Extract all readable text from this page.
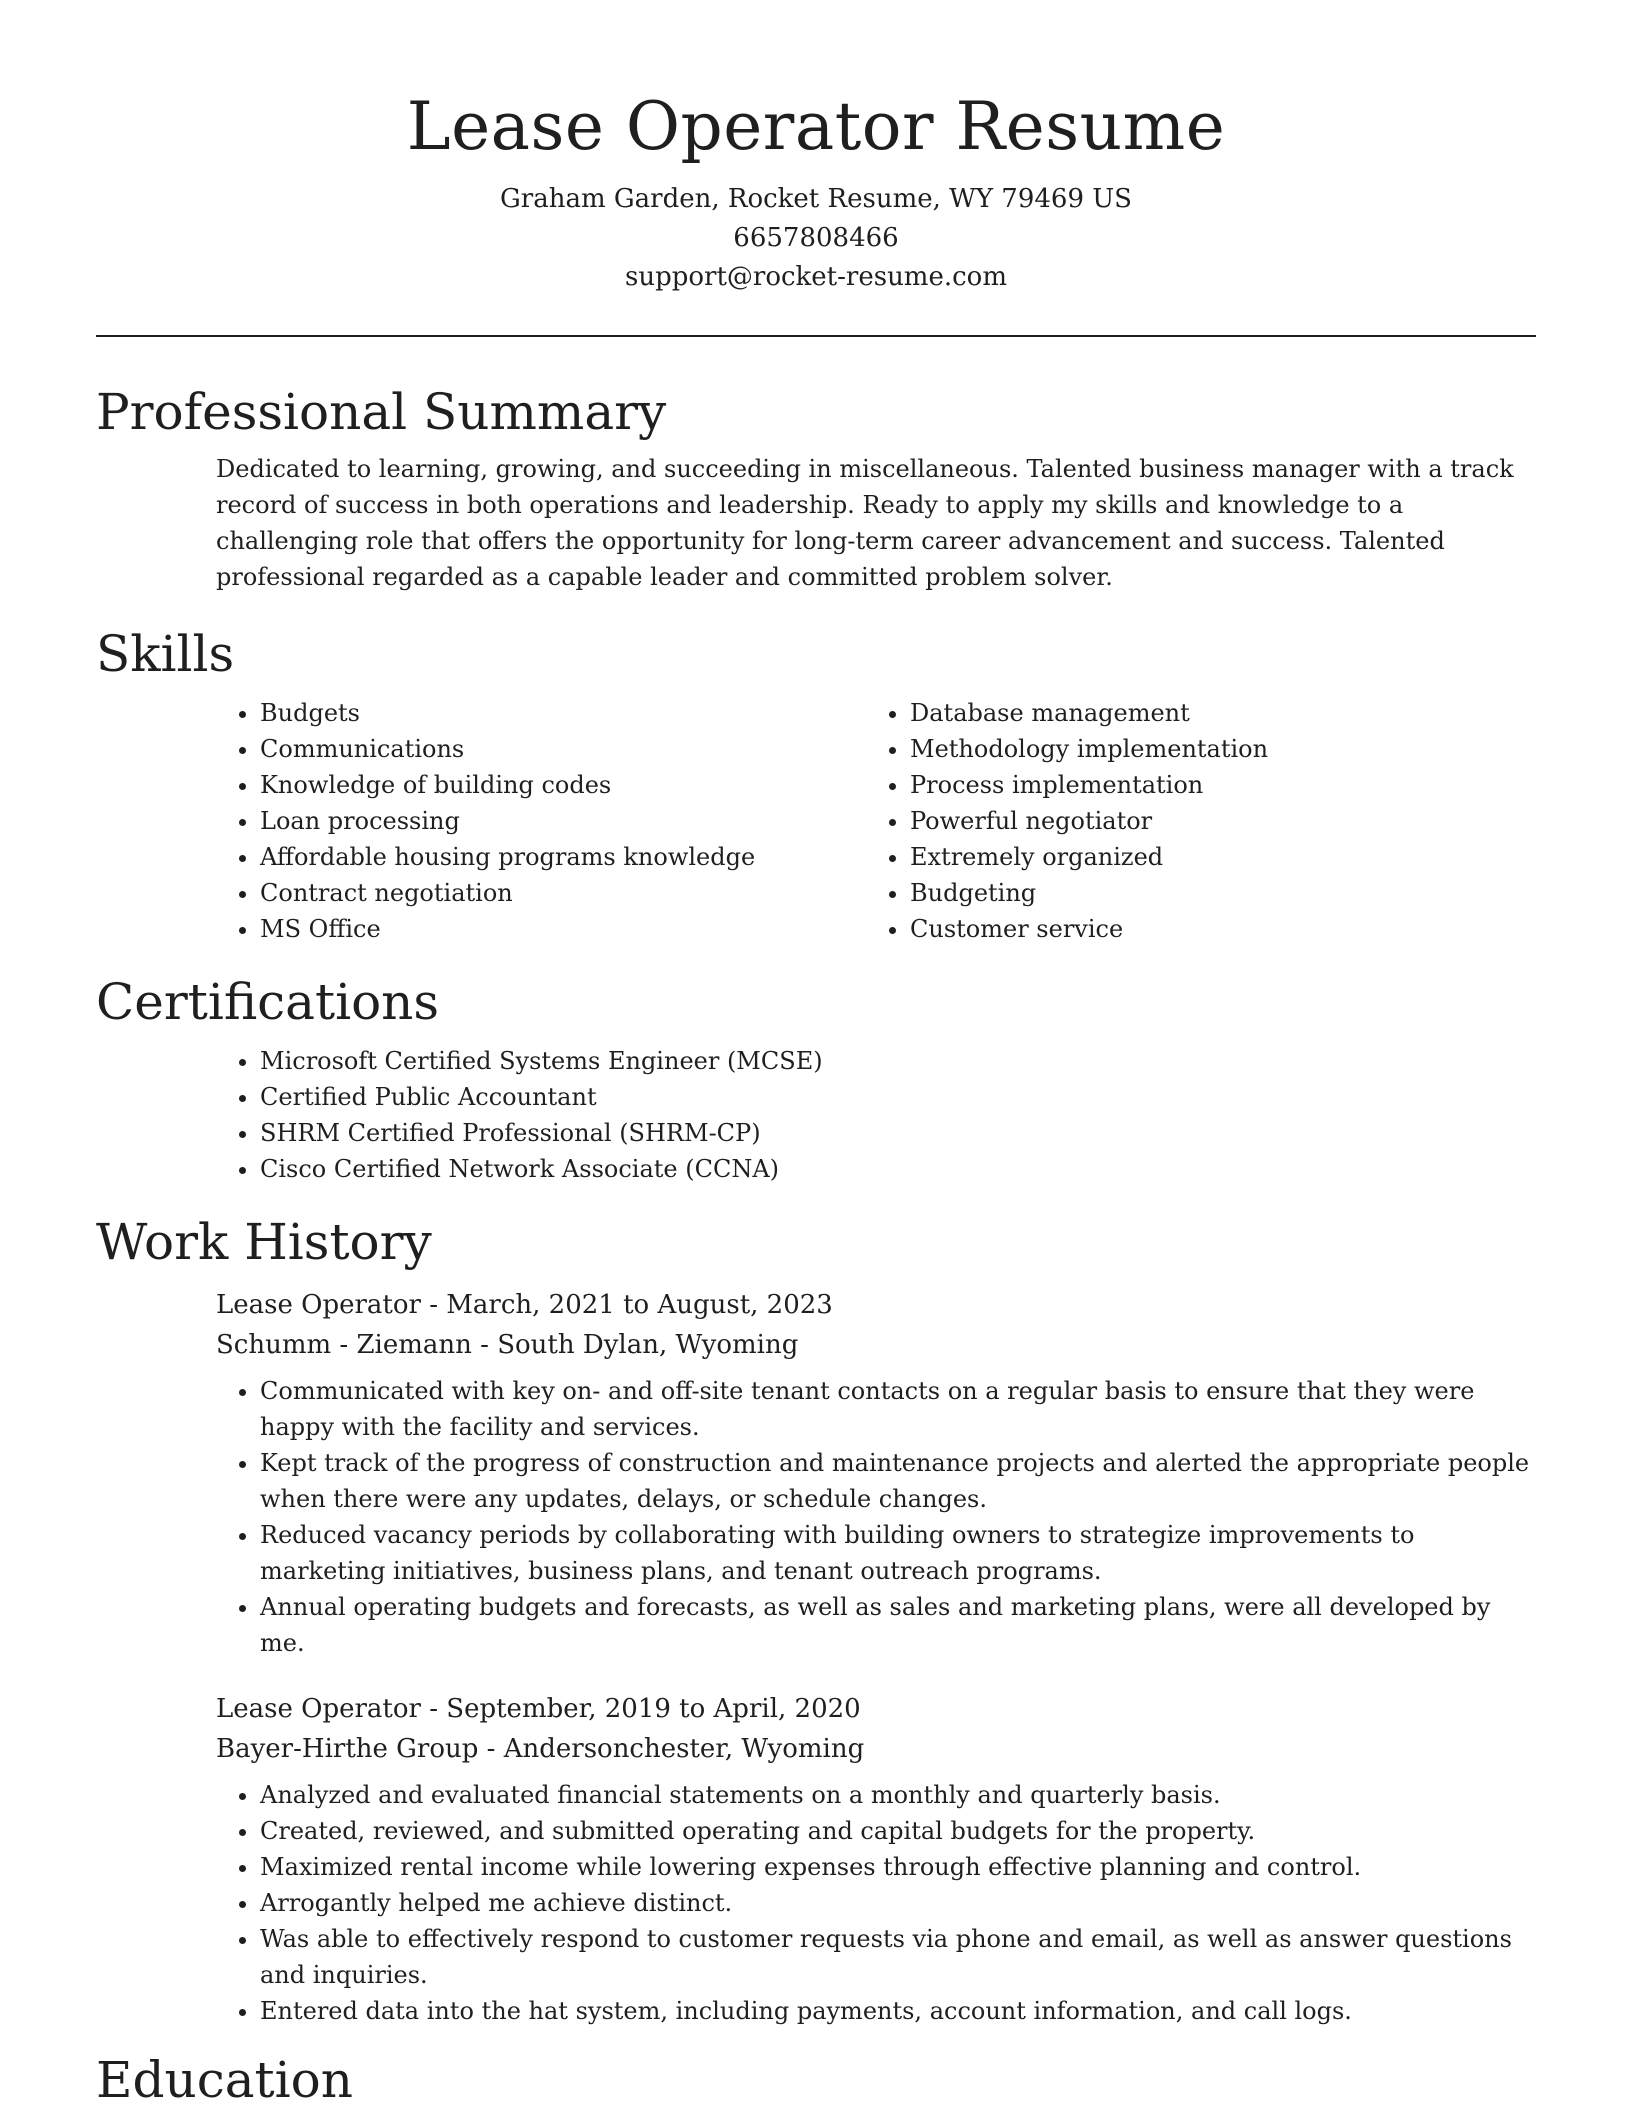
Lease Operator Resume

Graham Garden, Rocket Resume, WY 79469 US

6657808466

support@rocket-resume.com

Professional Summary

Dedicated to learning, growing, and succeeding in miscellaneous. Talented business manager with a track record of success in both operations and leadership. Ready to apply my skills and knowledge to a challenging role that offers the opportunity for long-term career advancement and success. Talented professional regarded as a capable leader and committed problem solver.

Skills
• Budgets
• Communications
• Knowledge of building codes
• Loan processing
• Affordable housing programs knowledge
• Contract negotiation
• MS Office
• Database management
• Methodology implementation
• Process implementation
• Powerful negotiator
• Extremely organized
• Budgeting
• Customer service
Certifications
• Microsoft Certified Systems Engineer (MCSE)
• Certified Public Accountant
• SHRM Certified Professional (SHRM-CP)
• Cisco Certified Network Associate (CCNA)
Work History

Lease Operator - March, 2021 to August, 2023

Schumm - Ziemann - South Dylan, Wyoming

• Communicated with key on- and off-site tenant contacts on a regular basis to ensure that they were happy with the facility and services.
• Kept track of the progress of construction and maintenance projects and alerted the appropriate people when there were any updates, delays, or schedule changes.
• Reduced vacancy periods by collaborating with building owners to strategize improvements to marketing initiatives, business plans, and tenant outreach programs.
• Annual operating budgets and forecasts, as well as sales and marketing plans, were all developed by me.

Lease Operator - September, 2019 to April, 2020

Bayer-Hirthe Group - Andersonchester, Wyoming

• Analyzed and evaluated financial statements on a monthly and quarterly basis.
• Created, reviewed, and submitted operating and capital budgets for the property.
• Maximized rental income while lowering expenses through effective planning and control.
• Arrogantly helped me achieve distinct.
• Was able to effectively respond to customer requests via phone and email, as well as answer questions and inquiries.
• Entered data into the hat system, including payments, account information, and call logs.
Education
